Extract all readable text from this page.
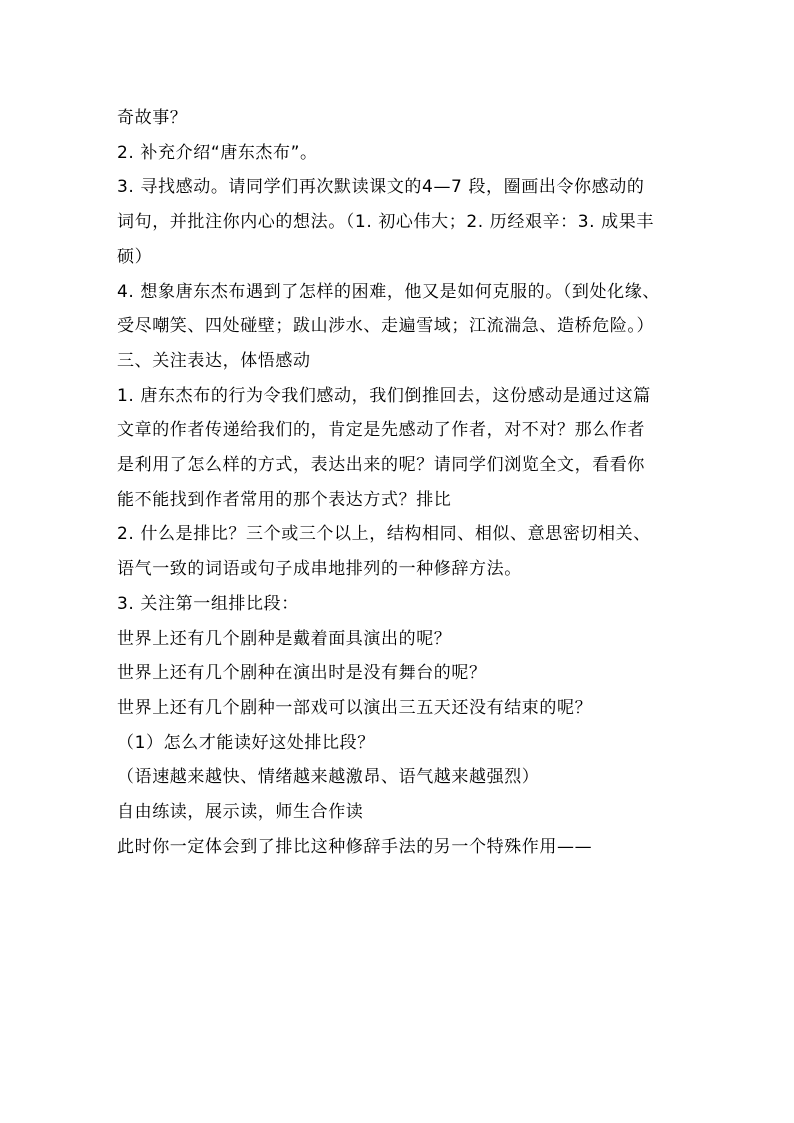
奇故事？
2. 补充介绍“唐东杰布”。
3. 寻找感动。请同学们再次默读课文的4—7 段，圈画出令你感动的
词句，并批注你内心的想法。（1. 初心伟大；2. 历经艰辛：3. 成果丰
硕）
4. 想象唐东杰布遇到了怎样的困难，他又是如何克服的。（到处化缘、
受尽嘲笑、四处碰壁；跋山涉水、走遍雪域；江流湍急、造桥危险。）
三、关注表达，体悟感动
1. 唐东杰布的行为令我们感动，我们倒推回去，这份感动是通过这篇
文章的作者传递给我们的，肯定是先感动了作者，对不对？那么作者
是利用了怎么样的方式，表达出来的呢？请同学们浏览全文，看看你
能不能找到作者常用的那个表达方式？排比
2. 什么是排比？三个或三个以上，结构相同、相似、意思密切相关、
语气一致的词语或句子成串地排列的一种修辞方法。
3. 关注第一组排比段：
世界上还有几个剧种是戴着面具演出的呢？
世界上还有几个剧种在演出时是没有舞台的呢？
世界上还有几个剧种一部戏可以演出三五天还没有结束的呢？
（1）怎么才能读好这处排比段？
（语速越来越快、情绪越来越激昂、语气越来越强烈）
自由练读，展示读，师生合作读
此时你一定体会到了排比这种修辞手法的另一个特殊作用——
